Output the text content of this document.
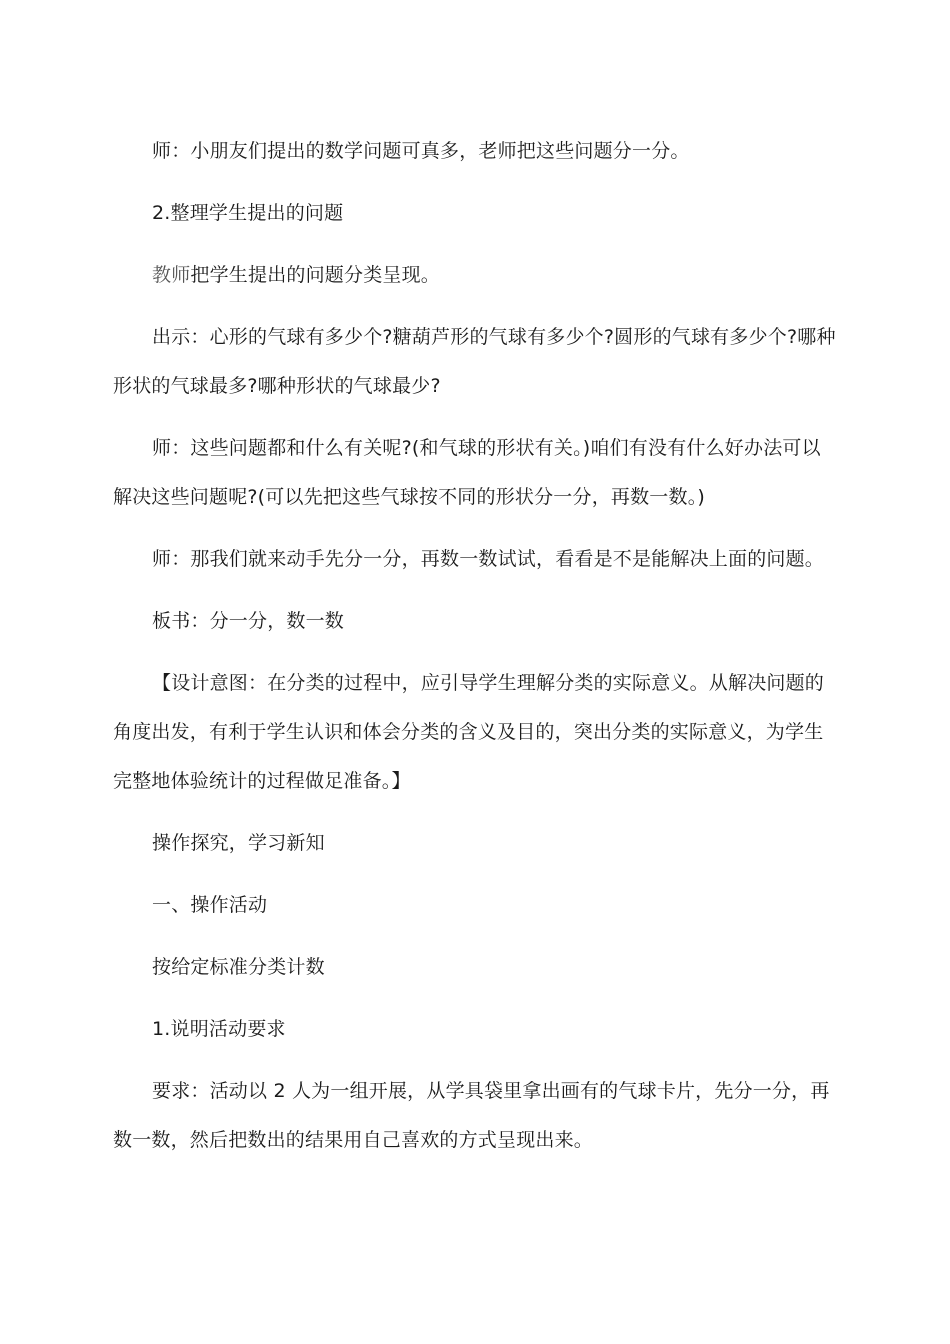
师：小朋友们提出的数学问题可真多，老师把这些问题分一分。
2.整理学生提出的问题
教师把学生提出的问题分类呈现。
出示：心形的气球有多少个?糖葫芦形的气球有多少个?圆形的气球有多少个?哪种
形状的气球最多?哪种形状的气球最少?
师：这些问题都和什么有关呢?(和气球的形状有关。)咱们有没有什么好办法可以
解决这些问题呢?(可以先把这些气球按不同的形状分一分，再数一数。)
师：那我们就来动手先分一分，再数一数试试，看看是不是能解决上面的问题。
板书：分一分，数一数
【设计意图：在分类的过程中，应引导学生理解分类的实际意义。从解决问题的
角度出发，有利于学生认识和体会分类的含义及目的，突出分类的实际意义，为学生
完整地体验统计的过程做足准备。】
操作探究，学习新知
一、操作活动
按给定标准分类计数
1.说明活动要求
要求：活动以 2 人为一组开展，从学具袋里拿出画有的气球卡片，先分一分，再
数一数，然后把数出的结果用自己喜欢的方式呈现出来。
